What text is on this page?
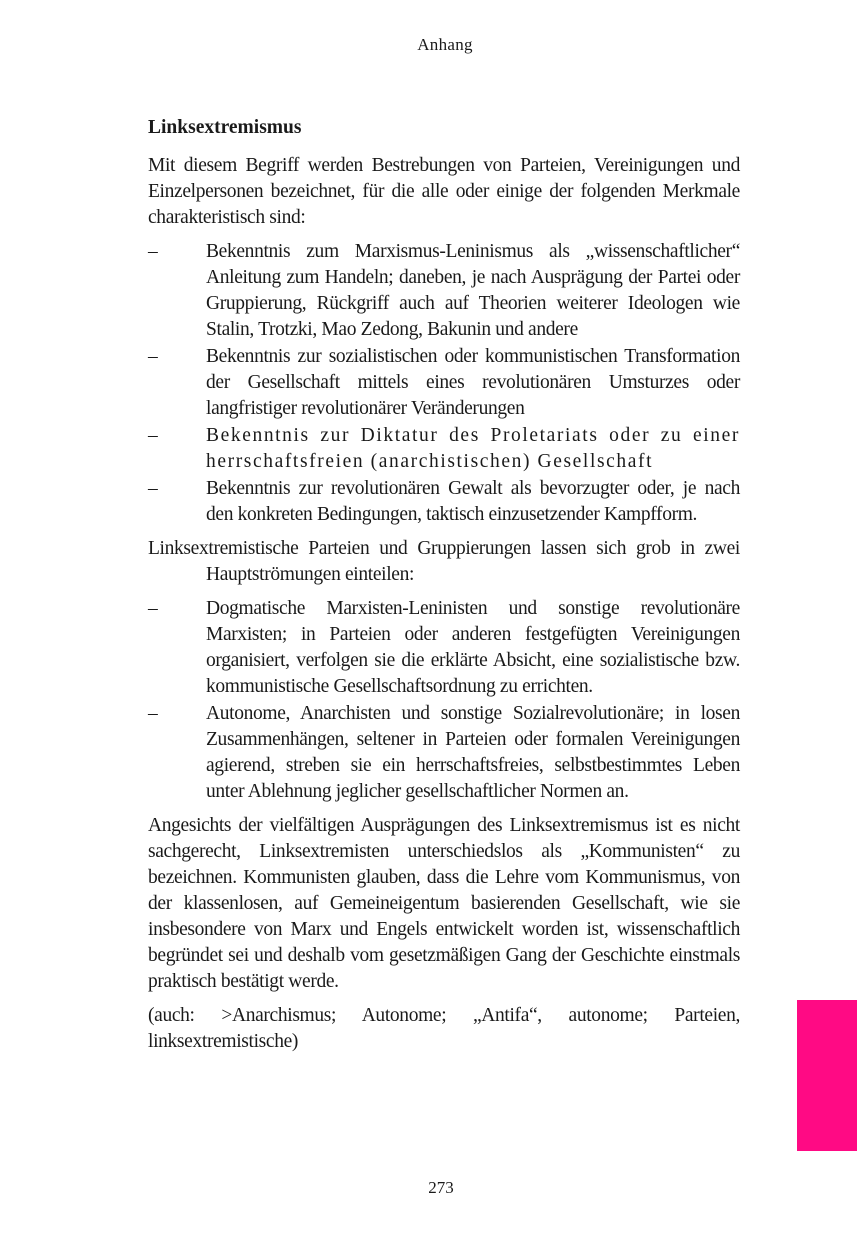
Anhang

Linksextremismus

Mit diesem Begriff werden Bestrebungen von Parteien, Vereinigungen und Einzelpersonen bezeichnet, für die alle oder einige der folgenden Merkmale charakteristisch sind:

– Bekenntnis zum Marxismus-Leninismus als „wissenschaftlicher“ Anleitung zum Handeln; daneben, je nach Ausprägung der Partei oder Gruppierung, Rückgriff auch auf Theorien weiterer Ideologen wie Stalin, Trotzki, Mao Zedong, Bakunin und andere
– Bekenntnis zur sozialistischen oder kommunistischen Transformation der Gesellschaft mittels eines revolutionären Umsturzes oder langfristiger revolutionärer Veränderungen
– Bekenntnis zur Diktatur des Proletariats oder zu einer herrschaftsfreien (anarchistischen) Gesellschaft
– Bekenntnis zur revolutionären Gewalt als bevorzugter oder, je nach den konkreten Bedingungen, taktisch einzusetzender Kampfform.

Linksextremistische Parteien und Gruppierungen lassen sich grob in zwei Hauptströmungen einteilen:

– Dogmatische Marxisten-Leninisten und sonstige revolutionäre Marxisten; in Parteien oder anderen festgefügten Vereinigungen organisiert, verfolgen sie die erklärte Absicht, eine sozialistische bzw. kommunistische Gesellschaftsordnung zu errichten.
– Autonome, Anarchisten und sonstige Sozialrevolutionäre; in losen Zusammenhängen, seltener in Parteien oder formalen Vereinigungen agierend, streben sie ein herrschaftsfreies, selbstbestimmtes Leben unter Ablehnung jeglicher gesellschaftlicher Normen an.

Angesichts der vielfältigen Ausprägungen des Linksextremismus ist es nicht sachgerecht, Linksextremisten unterschiedslos als „Kommunisten“ zu bezeichnen. Kommunisten glauben, dass die Lehre vom Kommunismus, von der klassenlosen, auf Gemeineigentum basierenden Gesellschaft, wie sie insbesondere von Marx und Engels entwickelt worden ist, wissenschaftlich begründet sei und deshalb vom gesetzmäßigen Gang der Geschichte einstmals praktisch bestätigt werde.

(auch: >Anarchismus; Autonome; „Antifa“, autonome; Parteien, linksextremistische)

273
